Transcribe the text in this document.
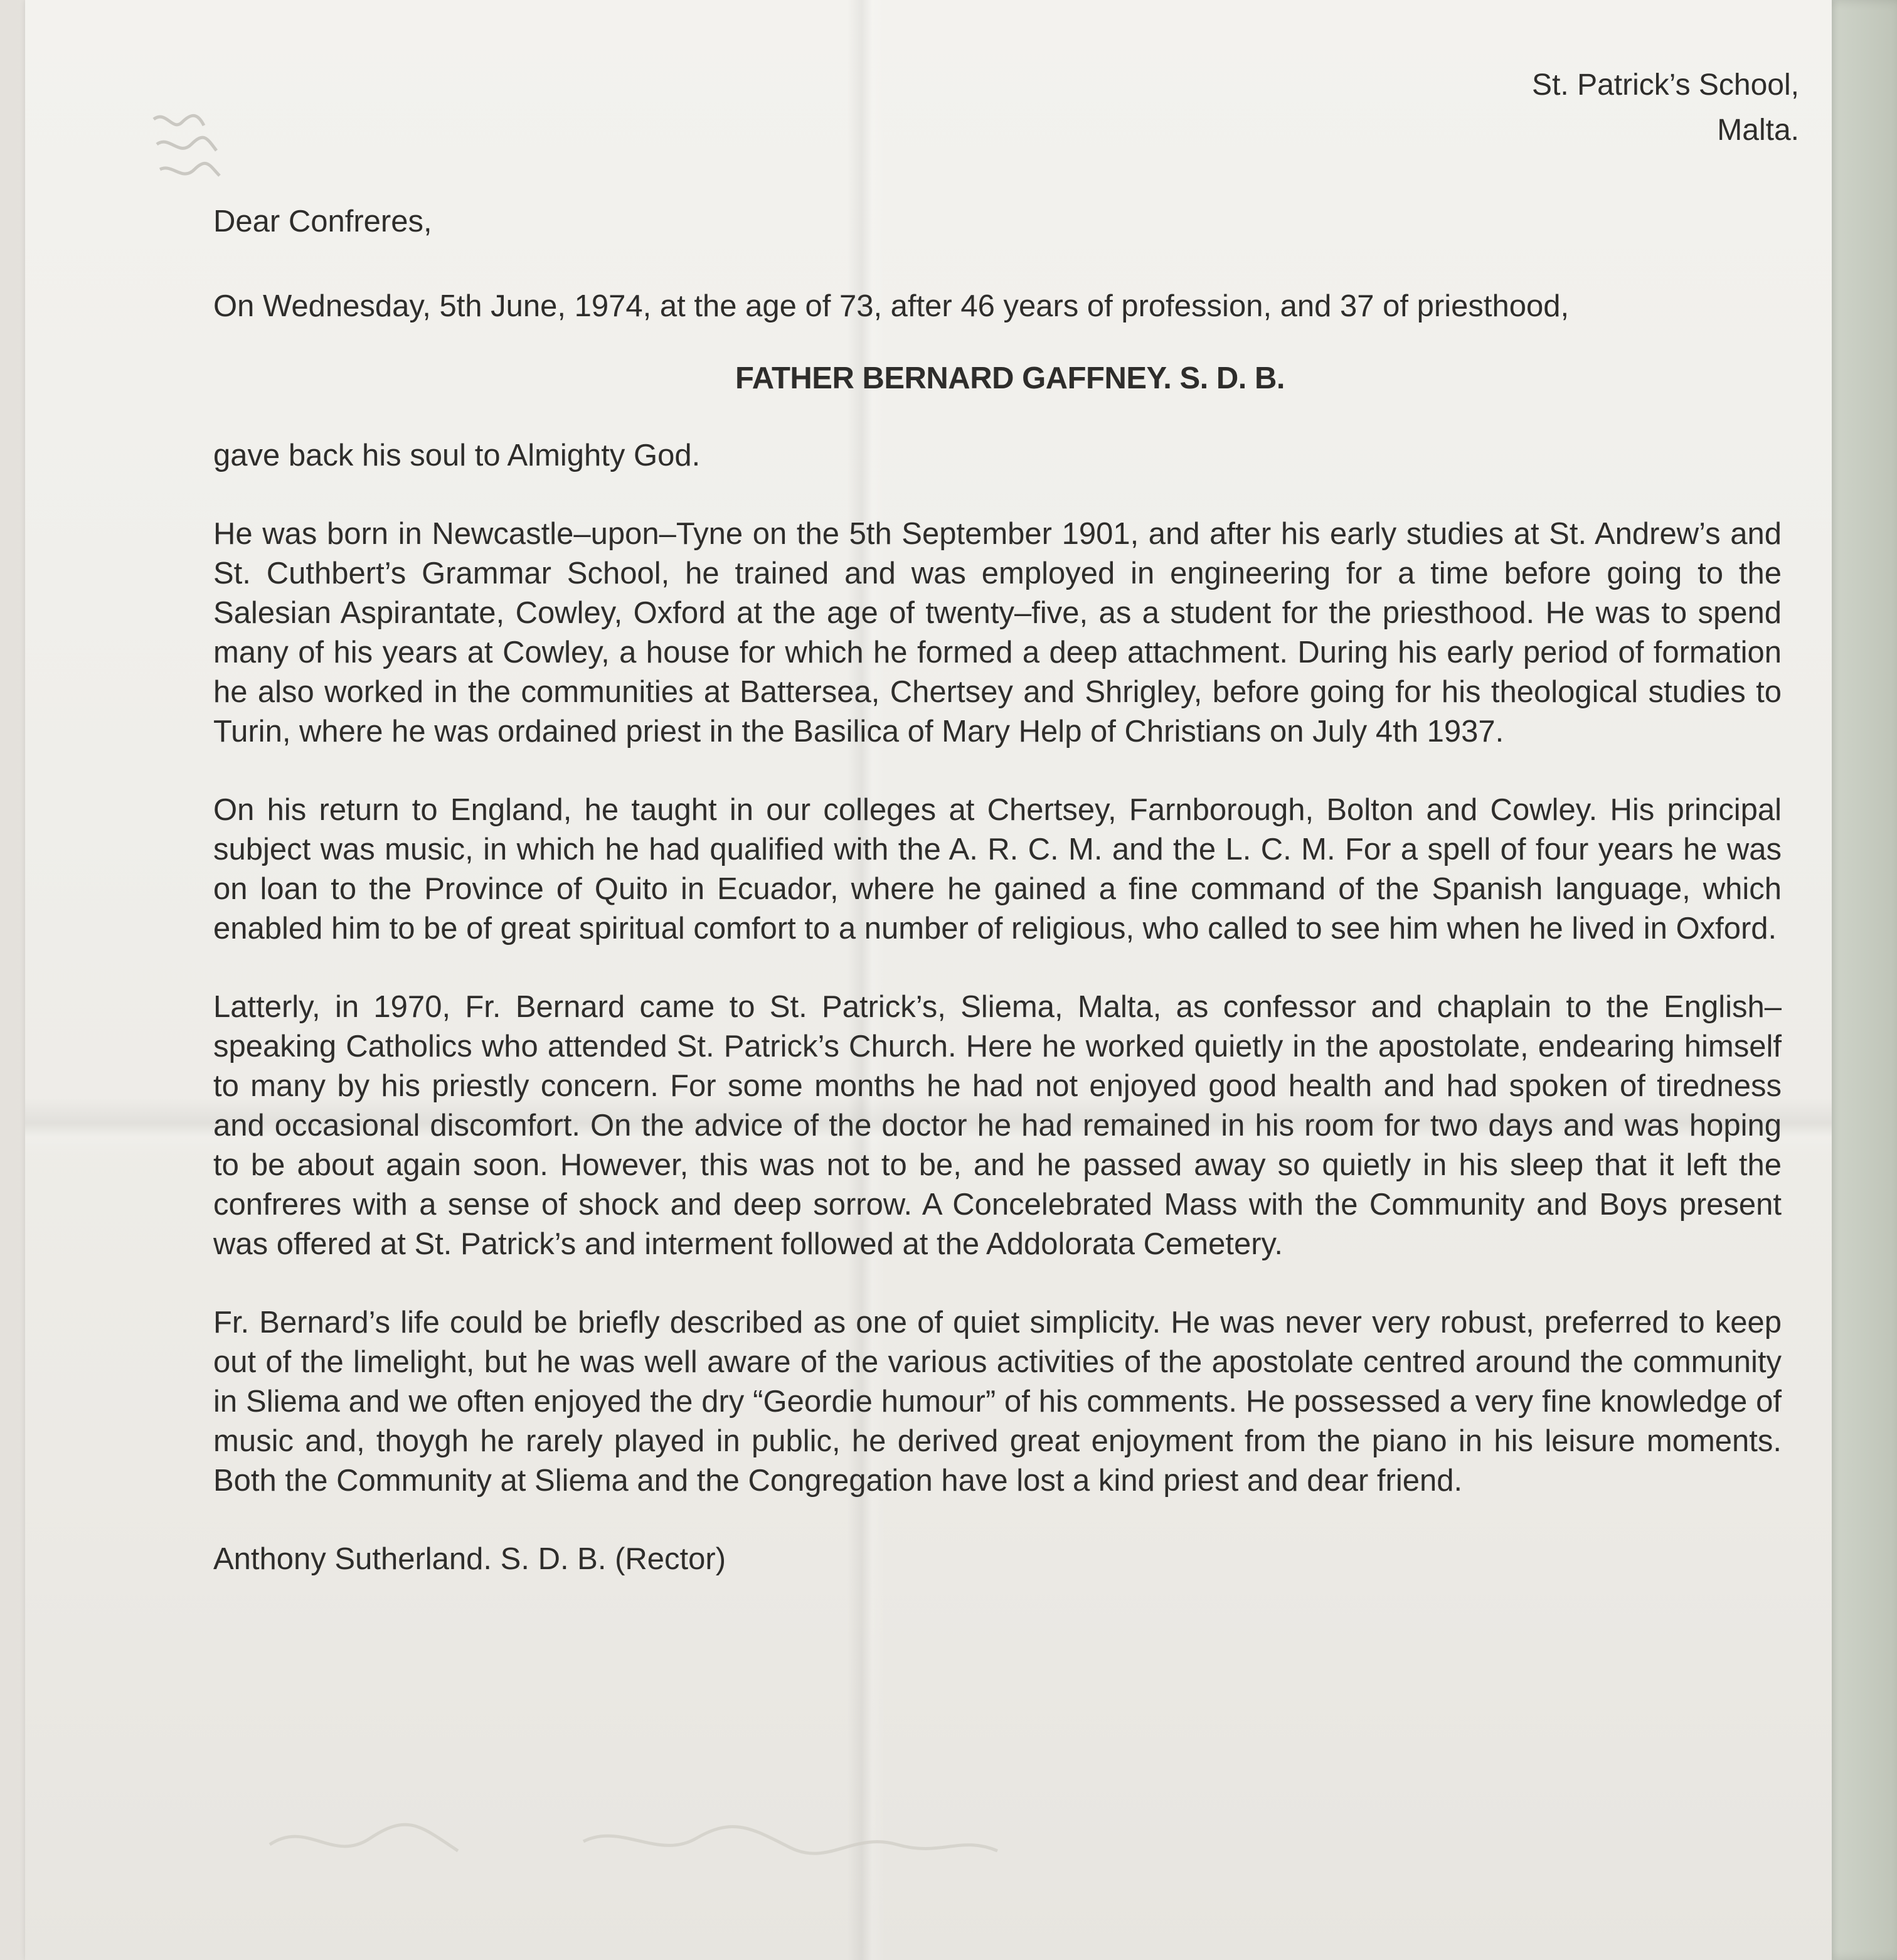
St. Patrick’s School,
Malta.
Dear Confreres,

On Wednesday, 5th June, 1974, at the age of 73, after 46 years of profession, and 37 of priesthood,

FATHER BERNARD GAFFNEY. S. D. B.

gave back his soul to Almighty God.

He was born in Newcastle–upon–Tyne on the 5th September 1901, and after his early studies at St. Andrew’s and St. Cuthbert’s Grammar School, he trained and was employed in engineering for a time before going to the Salesian Aspirantate, Cowley, Oxford at the age of twenty–five, as a student for the priesthood. He was to spend many of his years at Cowley, a house for which he formed a deep attachment. During his early period of formation he also worked in the communities at Battersea, Chertsey and Shrigley, before going for his theological studies to Turin, where he was ordained priest in the Basilica of Mary Help of Christians on July 4th 1937.

On his return to England, he taught in our colleges at Chertsey, Farnborough, Bolton and Cowley. His principal subject was music, in which he had qualified with the A. R. C. M. and the L. C. M. For a spell of four years he was on loan to the Province of Quito in Ecuador, where he gained a fine command of the Spanish language, which enabled him to be of great spiritual comfort to a number of religious, who called to see him when he lived in Oxford.

Latterly, in 1970, Fr. Bernard came to St. Patrick’s, Sliema, Malta, as confessor and chaplain to the English–speaking Catholics who attended St. Patrick’s Church. Here he worked quietly in the apostolate, endearing himself to many by his priestly concern. For some months he had not enjoyed good health and had spoken of tiredness and occasional discomfort. On the advice of the doctor he had remained in his room for two days and was hoping to be about again soon. However, this was not to be, and he passed away so quietly in his sleep that it left the confreres with a sense of shock and deep sorrow. A Concelebrated Mass with the Community and Boys present was offered at St. Patrick’s and interment followed at the Addolorata Cemetery.

Fr. Bernard’s life could be briefly described as one of quiet simplicity. He was never very robust, preferred to keep out of the limelight, but he was well aware of the various activities of the apostolate centred around the community in Sliema and we often enjoyed the dry “Geordie humour” of his comments. He possessed a very fine knowledge of music and, thoygh he rarely played in public, he derived great enjoyment from the piano in his leisure moments. Both the Community at Sliema and the Congregation have lost a kind priest and dear friend.

Anthony Sutherland. S. D. B. (Rector)
